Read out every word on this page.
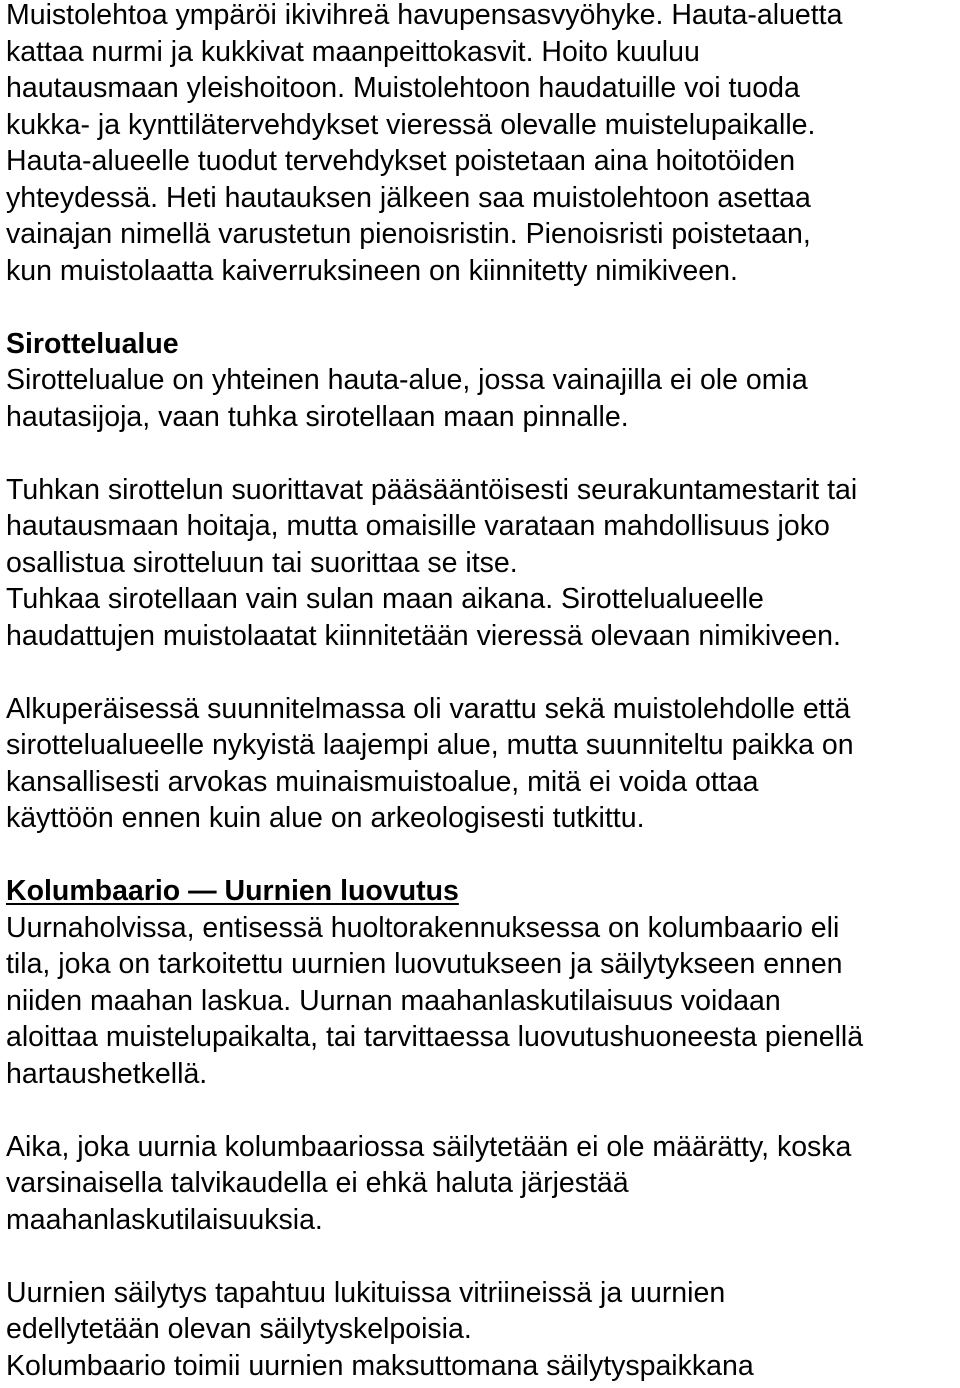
Muistolehtoa ympäröi ikivihreä havupensasvyöhyke. Hauta-aluetta
kattaa nurmi ja kukkivat maanpeittokasvit. Hoito kuuluu
hautausmaan yleishoitoon. Muistolehtoon haudatuille voi tuoda
kukka- ja kynttilätervehdykset vieressä olevalle muistelupaikalle.
Hauta-alueelle tuodut tervehdykset poistetaan aina hoitotöiden
yhteydessä. Heti hautauksen jälkeen saa muistolehtoon asettaa
vainajan nimellä varustetun pienoisristin. Pienoisristi poistetaan,
kun muistolaatta kaiverruksineen on kiinnitetty nimikiveen.
Sirottelualue
Sirottelualue on yhteinen hauta-alue, jossa vainajilla ei ole omia
hautasijoja, vaan tuhka sirotellaan maan pinnalle.
Tuhkan sirottelun suorittavat pääsääntöisesti seurakuntamestarit tai
hautausmaan hoitaja, mutta omaisille varataan mahdollisuus joko
osallistua sirotteluun tai suorittaa se itse.
Tuhkaa sirotellaan vain sulan maan aikana. Sirottelualueelle
haudattujen muistolaatat kiinnitetään vieressä olevaan nimikiveen.
Alkuperäisessä suunnitelmassa oli varattu sekä muistolehdolle että
sirottelualueelle nykyistä laajempi alue, mutta suunniteltu paikka on
kansallisesti arvokas muinaismuistoalue, mitä ei voida ottaa
käyttöön ennen kuin alue on arkeologisesti tutkittu.
Kolumbaario — Uurnien luovutus
Uurnaholvissa, entisessä huoltorakennuksessa on kolumbaario eli
tila, joka on tarkoitettu uurnien luovutukseen ja säilytykseen ennen
niiden maahan laskua. Uurnan maahanlaskutilaisuus voidaan
aloittaa muistelupaikalta, tai tarvittaessa luovutushuoneesta pienellä
hartaushetkellä.
Aika, joka uurnia kolumbaariossa säilytetään ei ole määrätty, koska
varsinaisella talvikaudella ei ehkä haluta järjestää
maahanlaskutilaisuuksia.
Uurnien säilytys tapahtuu lukituissa vitriineissä ja uurnien
edellytetään olevan säilytyskelpoisia.
Kolumbaario toimii uurnien maksuttomana säilytyspaikkana
